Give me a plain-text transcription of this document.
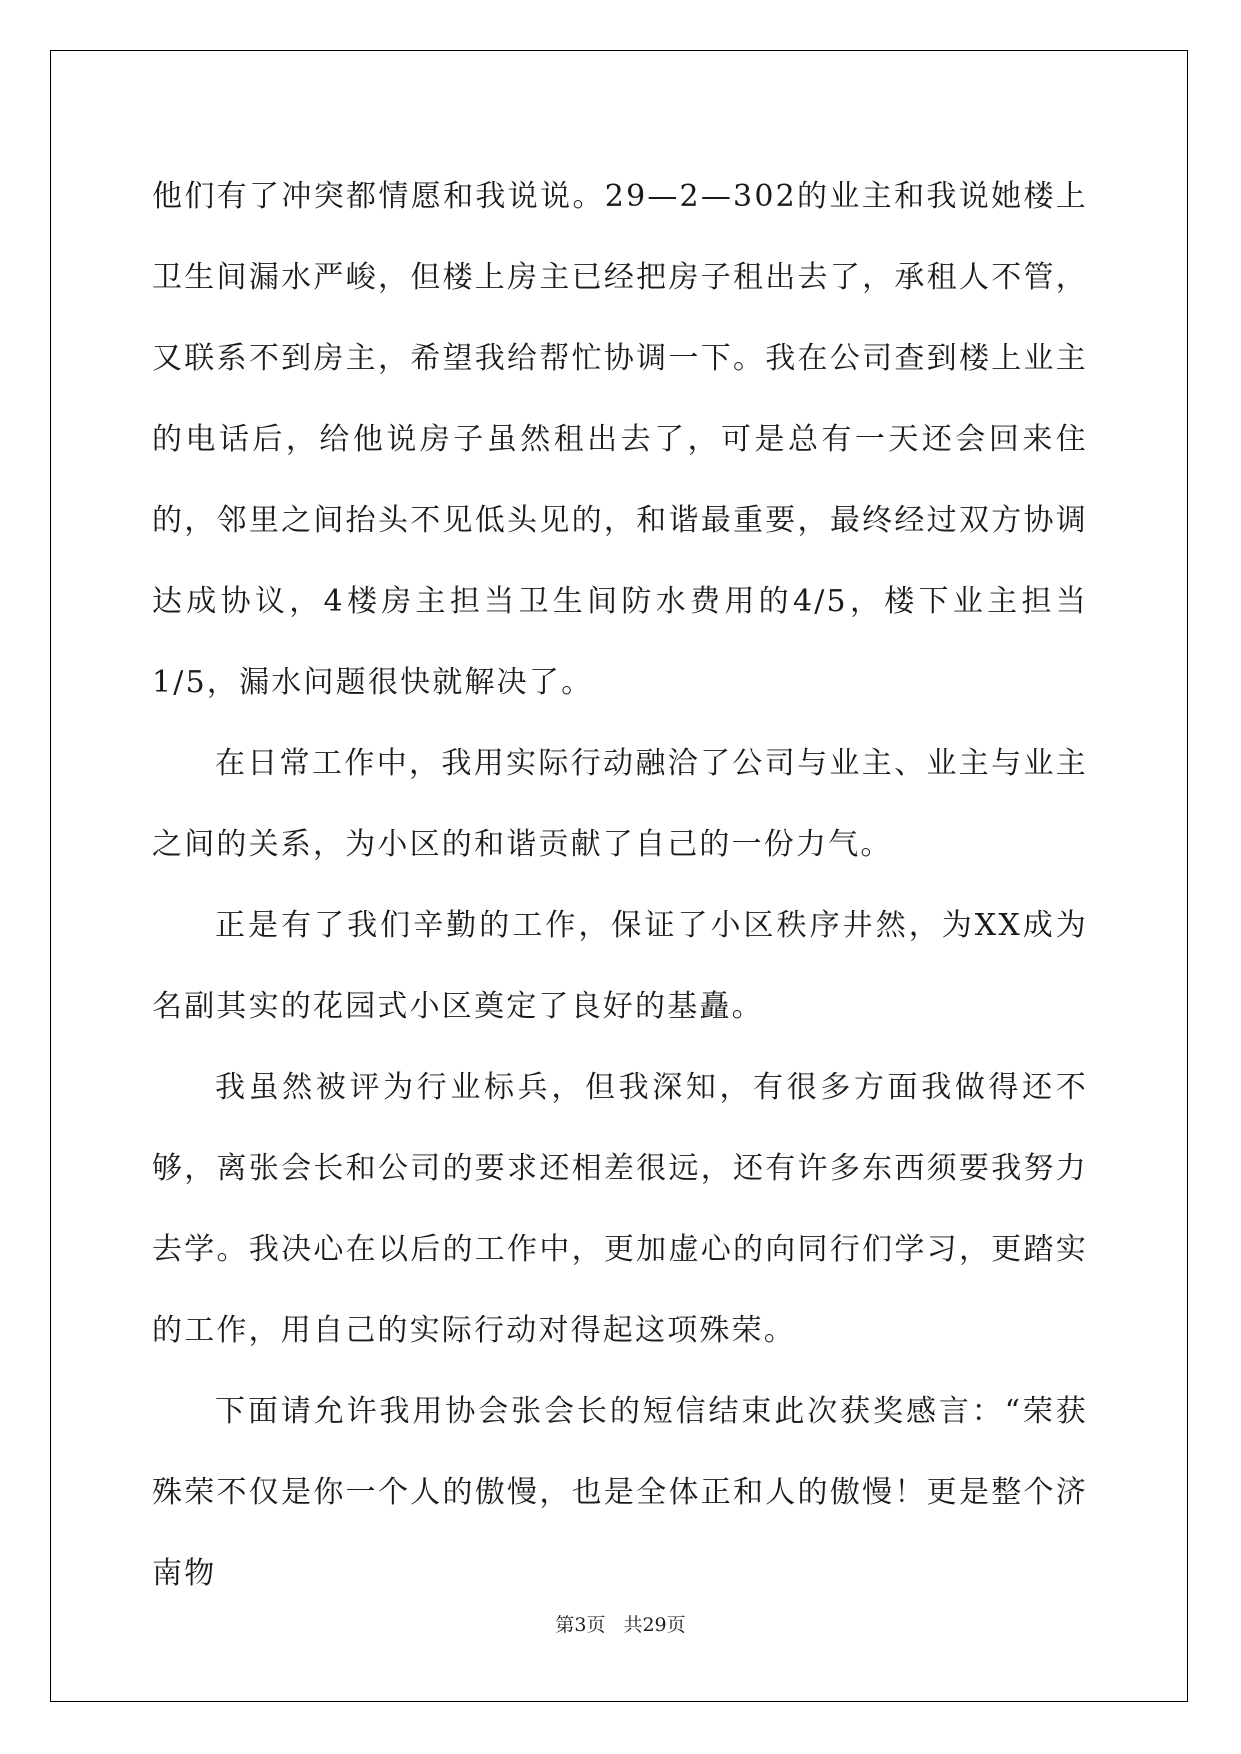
他们有了冲突都情愿和我说说。29—2—302的业主和我说她楼上卫生间漏水严峻，但楼上房主已经把房子租出去了，承租人不管，又联系不到房主，希望我给帮忙协调一下。我在公司查到楼上业主的电话后，给他说房子虽然租出去了，可是总有一天还会回来住的，邻里之间抬头不见低头见的，和谐最重要，最终经过双方协调达成协议，4楼房主担当卫生间防水费用的4/5，楼下业主担当1/5，漏水问题很快就解决了。

在日常工作中，我用实际行动融洽了公司与业主、业主与业主之间的关系，为小区的和谐贡献了自己的一份力气。

正是有了我们辛勤的工作，保证了小区秩序井然，为XX成为名副其实的花园式小区奠定了良好的基矗。

我虽然被评为行业标兵，但我深知，有很多方面我做得还不够，离张会长和公司的要求还相差很远，还有许多东西须要我努力去学。我决心在以后的工作中，更加虚心的向同行们学习，更踏实的工作，用自己的实际行动对得起这项殊荣。

下面请允许我用协会张会长的短信结束此次获奖感言：“荣获殊荣不仅是你一个人的傲慢，也是全体正和人的傲慢！更是整个济南物

第3页 共29页
